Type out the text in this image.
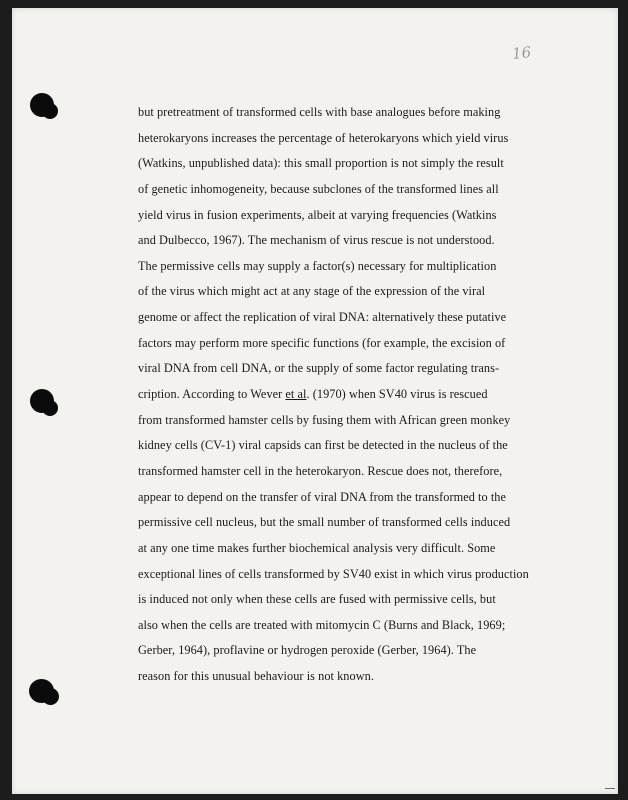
16
but pretreatment of transformed cells with base analogues before making
heterokaryons increases the percentage of heterokaryons which yield virus
(Watkins, unpublished data): this small proportion is not simply the result
of genetic inhomogeneity, because subclones of the transformed lines all
yield virus in fusion experiments, albeit at varying frequencies (Watkins
and Dulbecco, 1967). The mechanism of virus rescue is not understood.
The permissive cells may supply a factor(s) necessary for multiplication
of the virus which might act at any stage of the expression of the viral
genome or affect the replication of viral DNA: alternatively these putative
factors may perform more specific functions (for example, the excision of
viral DNA from cell DNA, or the supply of some factor regulating trans-
cription. According to Wever et al. (1970) when SV40 virus is rescued
from transformed hamster cells by fusing them with African green monkey
kidney cells (CV-1) viral capsids can first be detected in the nucleus of the
transformed hamster cell in the heterokaryon. Rescue does not, therefore,
appear to depend on the transfer of viral DNA from the transformed to the
permissive cell nucleus, but the small number of transformed cells induced
at any one time makes further biochemical analysis very difficult. Some
exceptional lines of cells transformed by SV40 exist in which virus production
is induced not only when these cells are fused with permissive cells, but
also when the cells are treated with mitomycin C (Burns and Black, 1969;
Gerber, 1964), proflavine or hydrogen peroxide (Gerber, 1964). The
reason for this unusual behaviour is not known.
